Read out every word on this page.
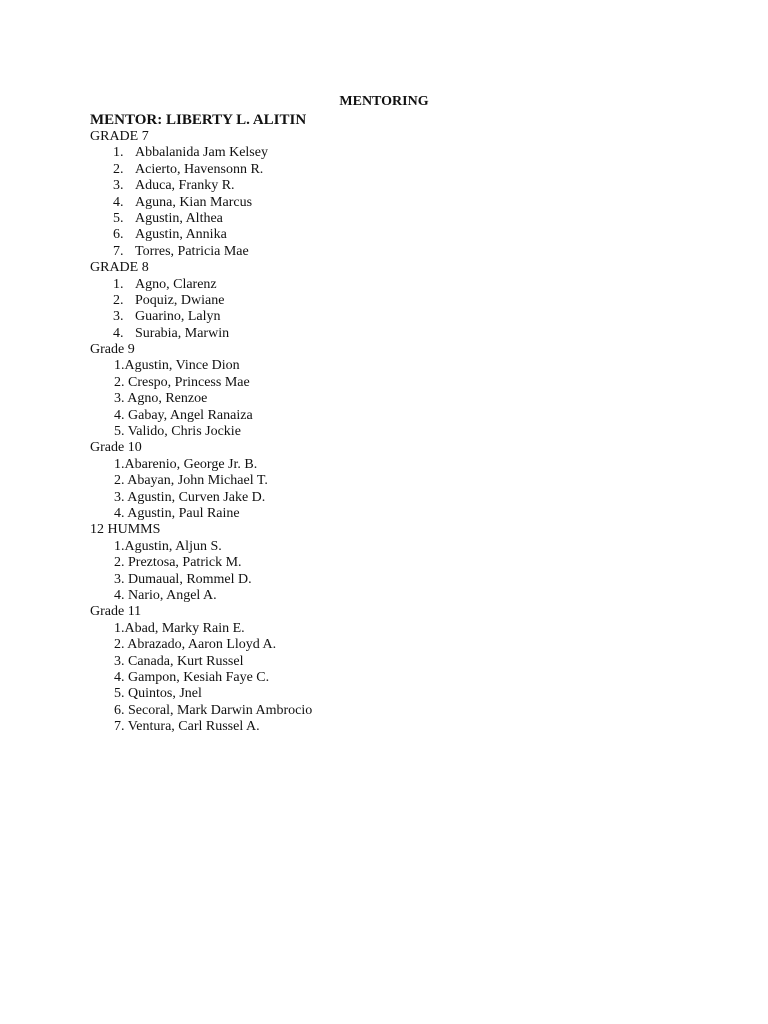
MENTORING
MENTOR: LIBERTY L. ALITIN
GRADE 7
1. Abbalanida Jam Kelsey
2. Acierto, Havensonn R.
3. Aduca, Franky R.
4. Aguna, Kian Marcus
5. Agustin, Althea
6. Agustin, Annika
7. Torres, Patricia Mae
GRADE 8
1. Agno, Clarenz
2. Poquiz, Dwiane
3. Guarino, Lalyn
4. Surabia, Marwin
Grade 9
1.Agustin, Vince Dion
2. Crespo, Princess Mae
3. Agno, Renzoe
4. Gabay, Angel Ranaiza
5. Valido, Chris Jockie
Grade 10
1.Abarenio, George Jr. B.
2. Abayan, John Michael T.
3. Agustin, Curven Jake D.
4. Agustin, Paul Raine
12 HUMMS
1.Agustin, Aljun S.
2. Preztosa, Patrick M.
3. Dumaual, Rommel D.
4. Nario, Angel A.
Grade 11
1.Abad, Marky Rain E.
2. Abrazado, Aaron Lloyd A.
3. Canada, Kurt Russel
4. Gampon, Kesiah Faye C.
5. Quintos, Jnel
6. Secoral, Mark Darwin Ambrocio
7. Ventura, Carl Russel A.
